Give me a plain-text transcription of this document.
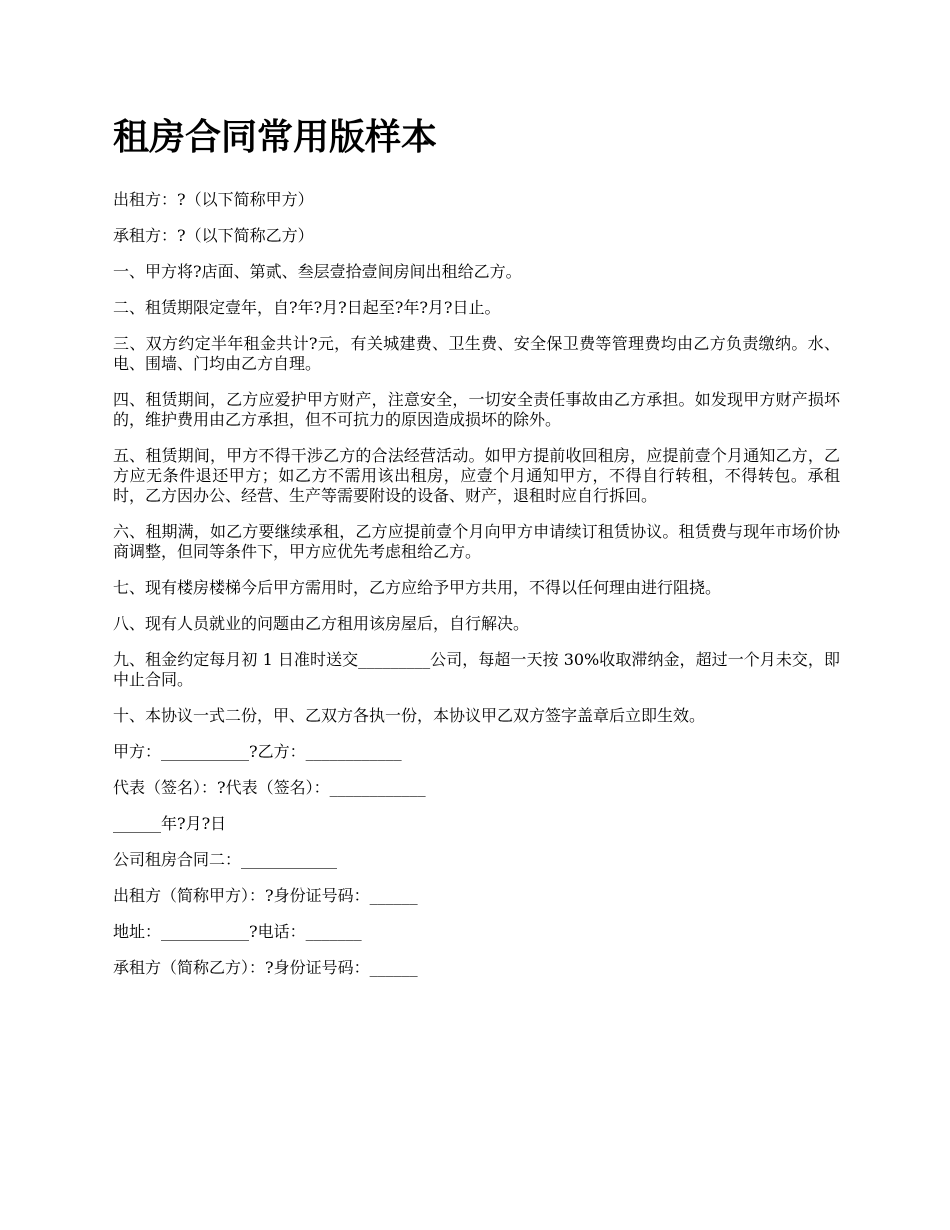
租房合同常用版样本

出租方：?（以下简称甲方）

承租方：?（以下简称乙方）

一、甲方将?店面、第贰、叁层壹拾壹间房间出租给乙方。

二、租赁期限定壹年，自?年?月?日起至?年?月?日止。

三、双方约定半年租金共计?元，有关城建费、卫生费、安全保卫费等管理费均由乙方负责缴纳。水、电、围墙、门均由乙方自理。

四、租赁期间，乙方应爱护甲方财产，注意安全，一切安全责任事故由乙方承担。如发现甲方财产损坏的，维护费用由乙方承担，但不可抗力的原因造成损坏的除外。

五、租赁期间，甲方不得干涉乙方的合法经营活动。如甲方提前收回租房，应提前壹个月通知乙方，乙方应无条件退还甲方；如乙方不需用该出租房，应壹个月通知甲方，不得自行转租，不得转包。承租时，乙方因办公、经营、生产等需要附设的设备、财产，退租时应自行拆回。

六、租期满，如乙方要继续承租，乙方应提前壹个月向甲方申请续订租赁协议。租赁费与现年市场价协商调整，但同等条件下，甲方应优先考虑租给乙方。

七、现有楼房楼梯今后甲方需用时，乙方应给予甲方共用，不得以任何理由进行阻挠。

八、现有人员就业的问题由乙方租用该房屋后，自行解决。

九、租金约定每月初 1 日准时送交_________公司，每超一天按 30%收取滞纳金，超过一个月未交，即中止合同。

十、本协议一式二份，甲、乙双方各执一份，本协议甲乙双方签字盖章后立即生效。

甲方：___________?乙方：____________

代表（签名）：?代表（签名）：____________

______年?月?日

公司租房合同二：____________

出租方（简称甲方）：?身份证号码：______

地址：___________?电话：_______

承租方（简称乙方）：?身份证号码：______
